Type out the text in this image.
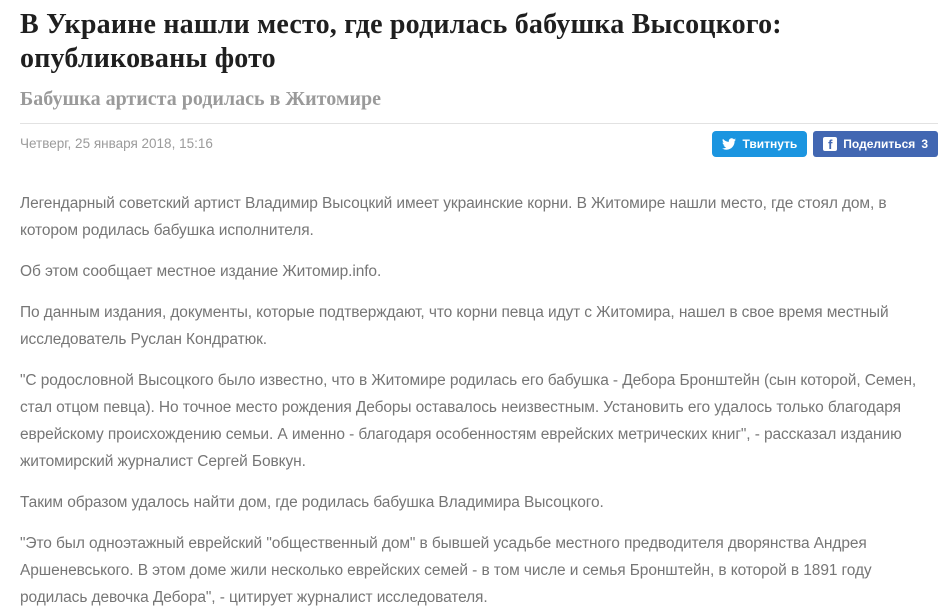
В Украине нашли место, где родилась бабушка Высоцкого: опубликованы фото
Бабушка артиста родилась в Житомире
Четверг, 25 января 2018, 15:16	Твитнуть	f Поделиться 3

Легендарный советский артист Владимир Высоцкий имеет украинские корни. В Житомире нашли место, где стоял дом, в котором родилась бабушка исполнителя.

Об этом сообщает местное издание Житомир.info.

По данным издания, документы, которые подтверждают, что корни певца идут с Житомира, нашел в свое время местный исследователь Руслан Кондратюк.

"С родословной Высоцкого было известно, что в Житомире родилась его бабушка - Дебора Бронштейн (сын которой, Семен, стал отцом певца). Но точное место рождения Деборы оставалось неизвестным. Установить его удалось только благодаря еврейскому происхождению семьи. А именно - благодаря особенностям еврейских метрических книг", - рассказал изданию житомирский журналист Сергей Бовкун.

Таким образом удалось найти дом, где родилась бабушка Владимира Высоцкого.

"Это был одноэтажный еврейский "общественный дом" в бывшей усадьбе местного предводителя дворянства Андрея Аршеневського. В этом доме жили несколько еврейских семей - в том числе и семья Бронштейн, в которой в 1891 году родилась девочка Дебора", - цитирует журналист исследователя.
